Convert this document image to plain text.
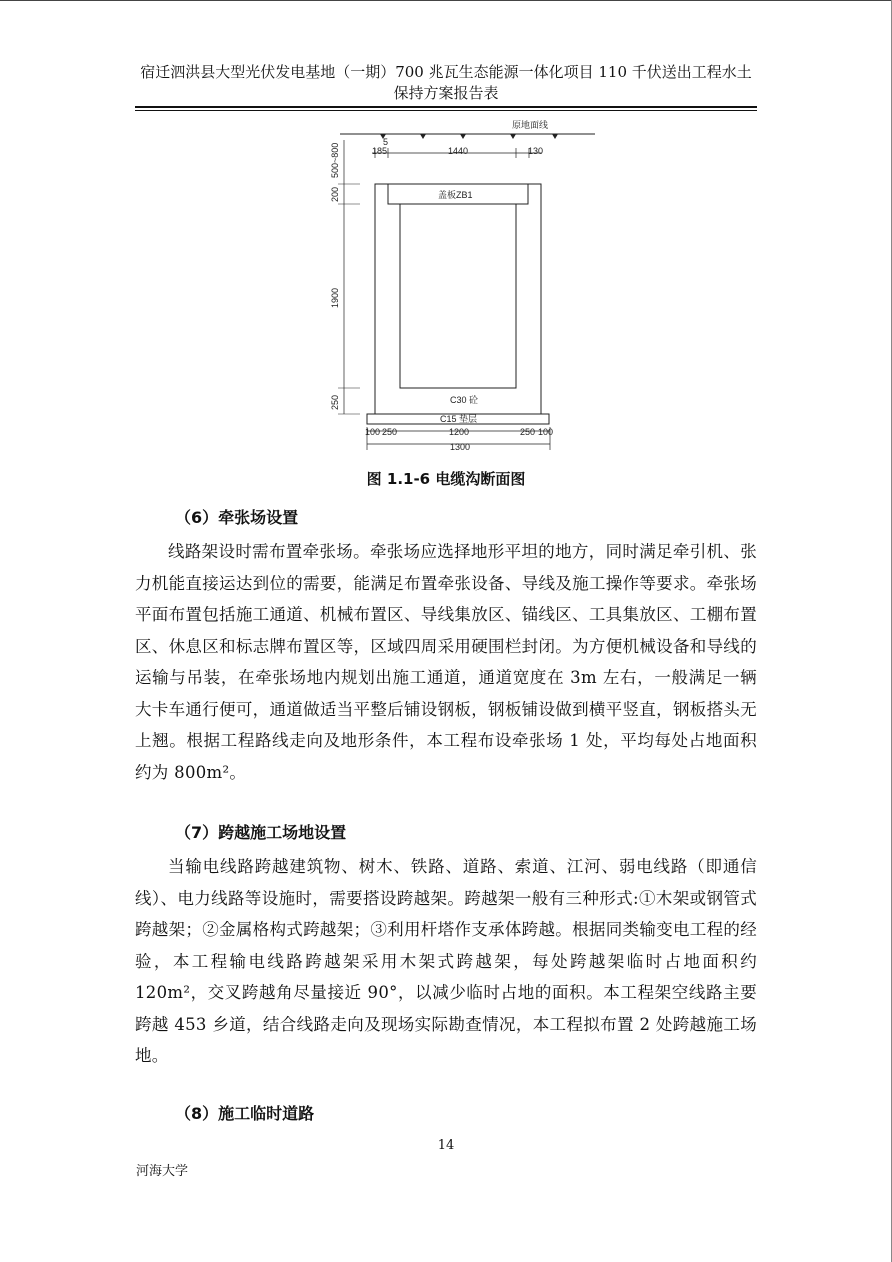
宿迁泗洪县大型光伏发电基地（一期）700 兆瓦生态能源一体化项目 110 千伏送出工程水土
保持方案报告表
原地面线
5
185	1440	130
500~800
200
1900
250
盖板ZB1
C30 砼
C15 垫层
100 250	1200	250 100
1300
图 1.1-6 电缆沟断面图
（6）牵张场设置
线路架设时需布置牵张场。牵张场应选择地形平坦的地方，同时满足牵引机、张力机能直接运达到位的需要，能满足布置牵张设备、导线及施工操作等要求。牵张场平面布置包括施工通道、机械布置区、导线集放区、锚线区、工具集放区、工棚布置区、休息区和标志牌布置区等，区域四周采用硬围栏封闭。为方便机械设备和导线的运输与吊装，在牵张场地内规划出施工通道，通道宽度在 3m 左右，一般满足一辆大卡车通行便可，通道做适当平整后铺设钢板，钢板铺设做到横平竖直，钢板搭头无上翘。根据工程路线走向及地形条件，本工程布设牵张场 1 处，平均每处占地面积约为 800m²。
（7）跨越施工场地设置
当输电线路跨越建筑物、树木、铁路、道路、索道、江河、弱电线路（即通信线）、电力线路等设施时，需要搭设跨越架。跨越架一般有三种形式:①木架或钢管式跨越架；②金属格构式跨越架；③利用杆塔作支承体跨越。根据同类输变电工程的经验，本工程输电线路跨越架采用木架式跨越架，每处跨越架临时占地面积约 120m²，交叉跨越角尽量接近 90°，以减少临时占地的面积。本工程架空线路主要跨越 453 乡道，结合线路走向及现场实际勘查情况，本工程拟布置 2 处跨越施工场地。
（8）施工临时道路
14
河海大学
